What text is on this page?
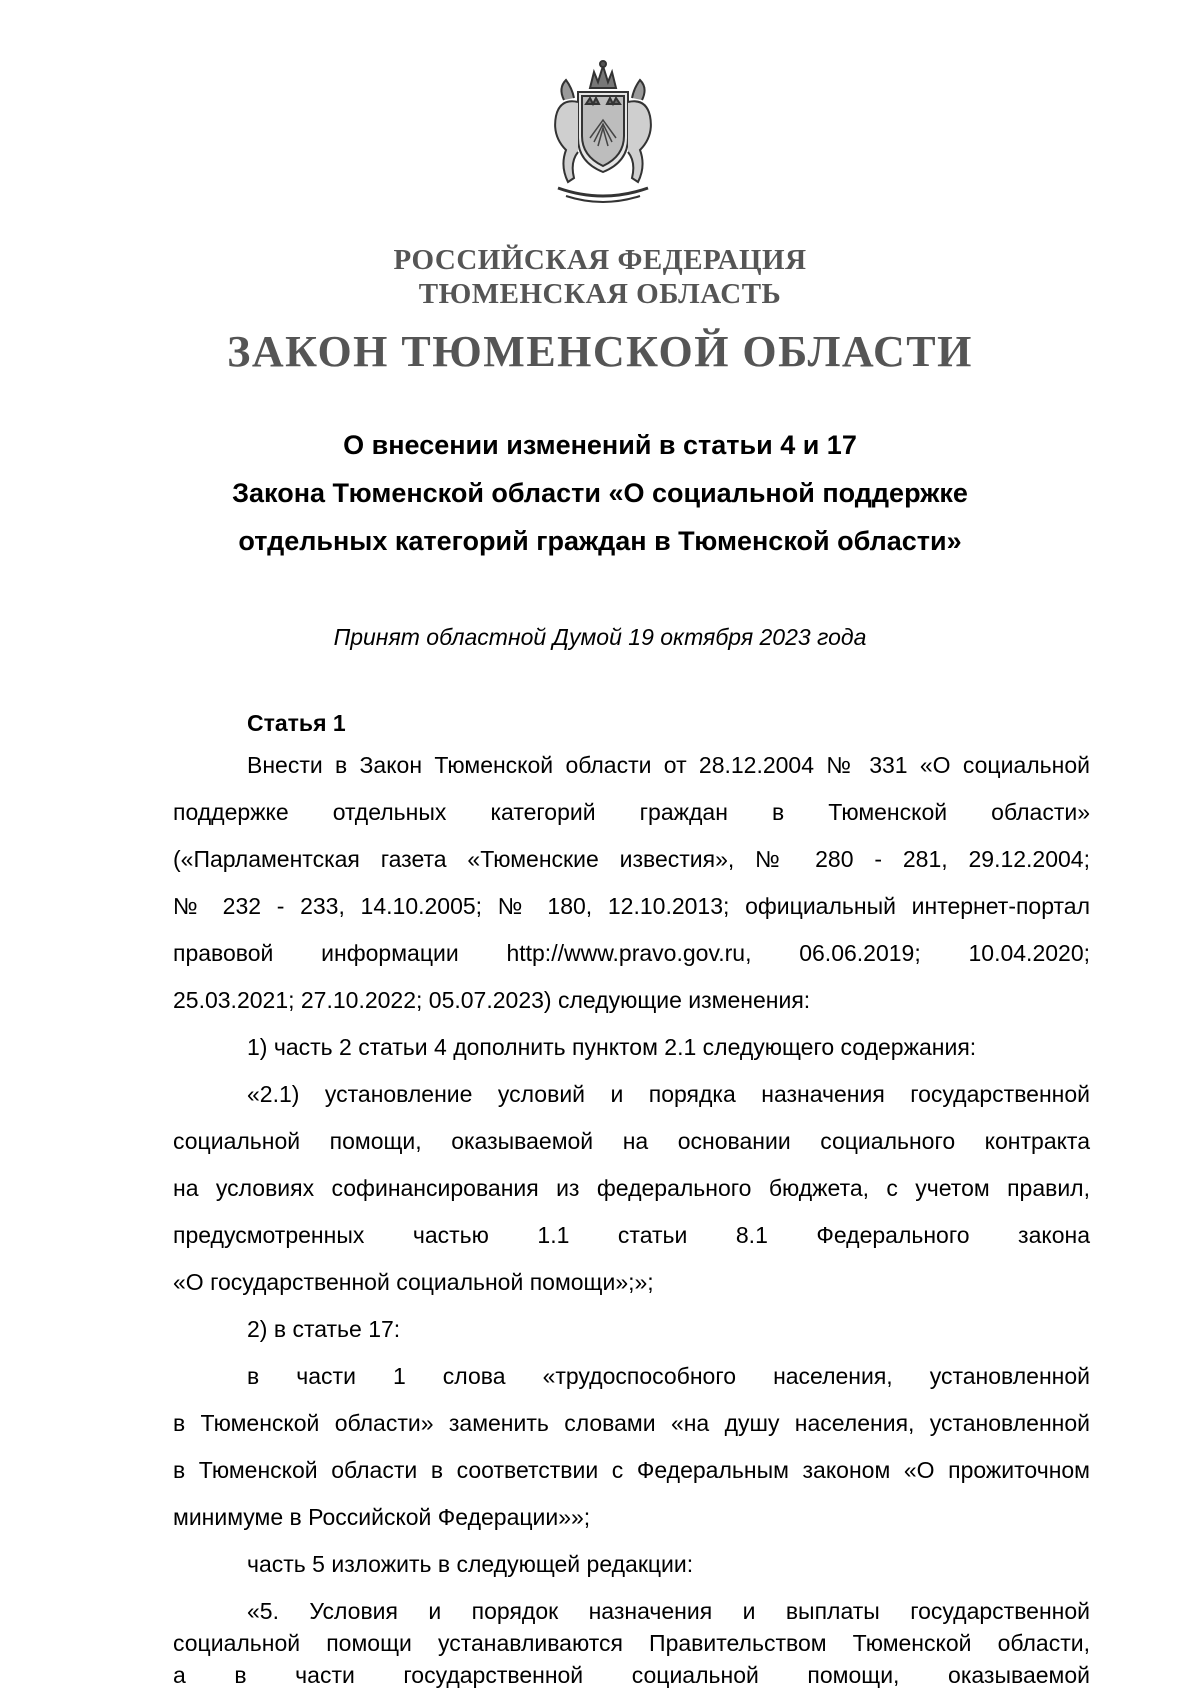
РОССИЙСКАЯ ФЕДЕРАЦИЯ
ТЮМЕНСКАЯ ОБЛАСТЬ
ЗАКОН ТЮМЕНСКОЙ ОБЛАСТИ
О внесении изменений в статьи 4 и 17
Закона Тюменской области «О социальной поддержке
отдельных категорий граждан в Тюменской области»
Принят областной Думой 19 октября 2023 года
Статья 1
Внести в Закон Тюменской области от 28.12.2004 № 331 «О социальной
поддержке отдельных категорий граждан в Тюменской области»
(«Парламентская газета «Тюменские известия», № 280 - 281, 29.12.2004;
№ 232 - 233, 14.10.2005; № 180, 12.10.2013; официальный интернет-портал
правовой информации http://www.pravo.gov.ru, 06.06.2019; 10.04.2020;
25.03.2021; 27.10.2022; 05.07.2023) следующие изменения:
1) часть 2 статьи 4 дополнить пунктом 2.1 следующего содержания:
«2.1) установление условий и порядка назначения государственной
социальной помощи, оказываемой на основании социального контракта
на условиях софинансирования из федерального бюджета, с учетом правил,
предусмотренных частью 1.1 статьи 8.1 Федерального закона
«О государственной социальной помощи»;»;
2) в статье 17:
в части 1 слова «трудоспособного населения, установленной
в Тюменской области» заменить словами «на душу населения, установленной
в Тюменской области в соответствии с Федеральным законом «О прожиточном
минимуме в Российской Федерации»»;
часть 5 изложить в следующей редакции:
«5. Условия и порядок назначения и выплаты государственной
социальной помощи устанавливаются Правительством Тюменской области,
а в части государственной социальной помощи, оказываемой
